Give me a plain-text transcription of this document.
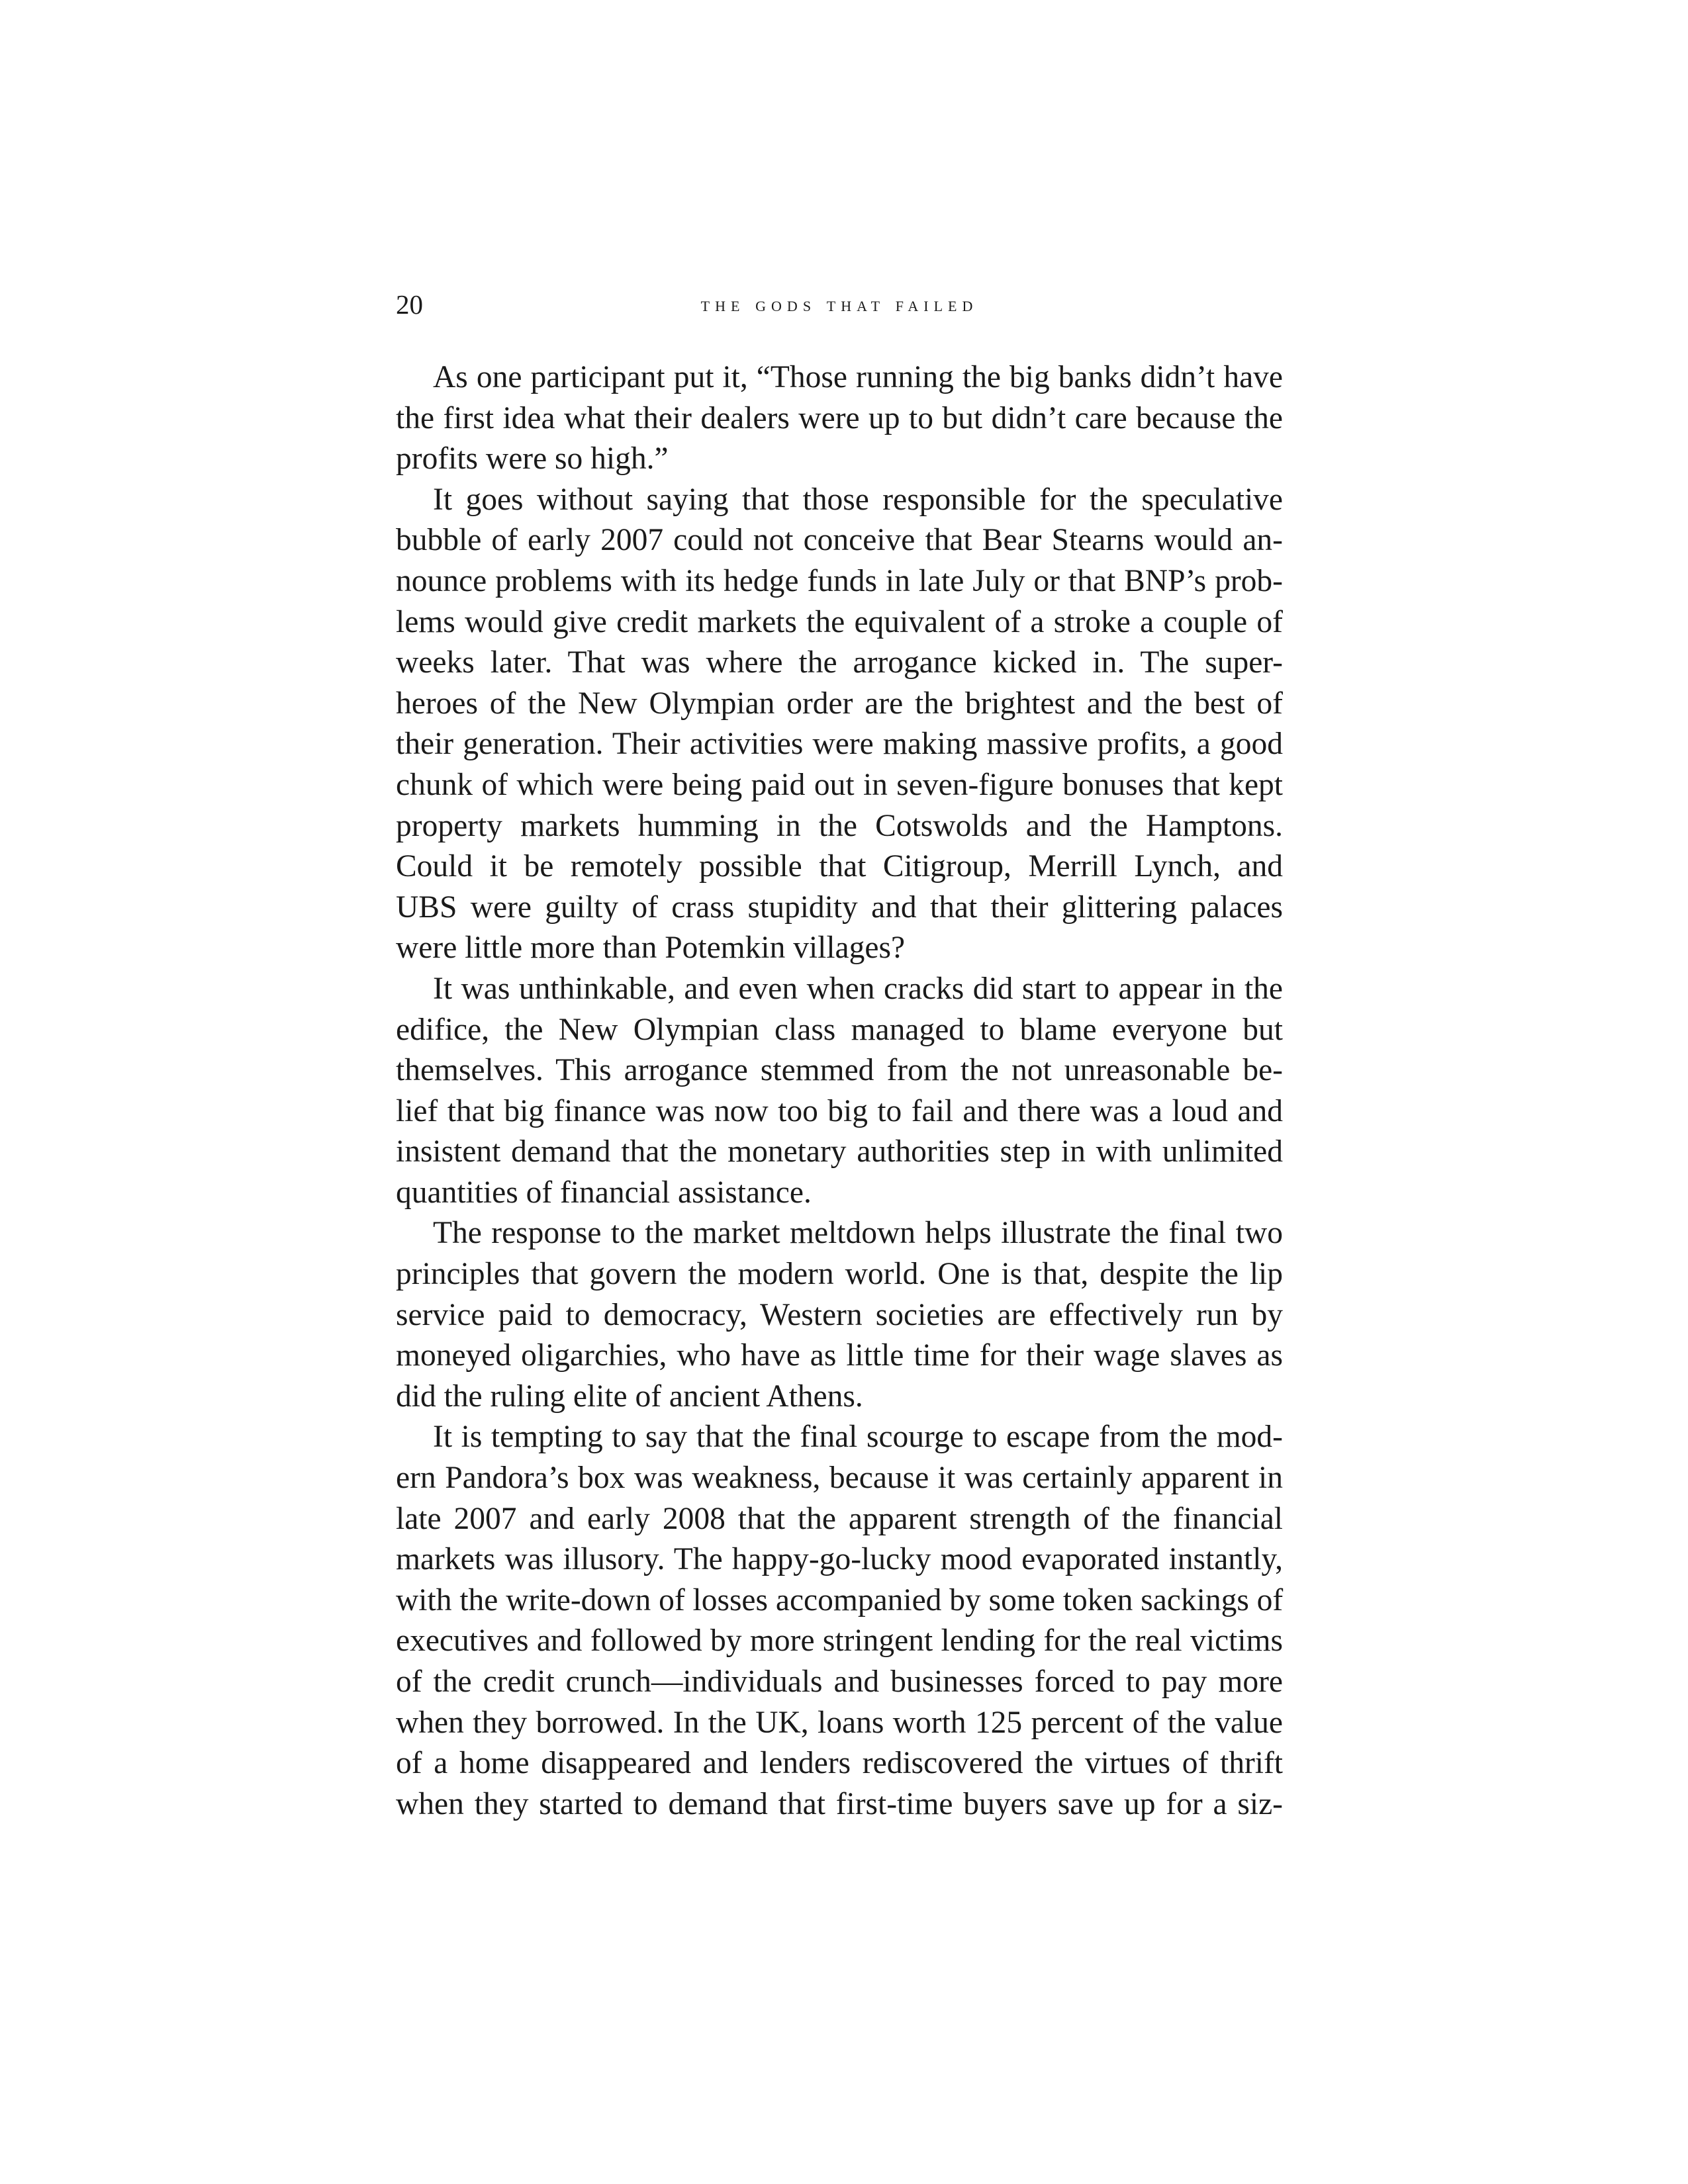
20	the gods that failed

As one participant put it, “Those running the big banks didn’t have
the first idea what their dealers were up to but didn’t care because the
profits were so high.”

It goes without saying that those responsible for the speculative
bubble of early 2007 could not conceive that Bear Stearns would an-
nounce problems with its hedge funds in late July or that BNP’s prob-
lems would give credit markets the equivalent of a stroke a couple of
weeks later. That was where the arrogance kicked in. The super-
heroes of the New Olympian order are the brightest and the best of
their generation. Their activities were making massive profits, a good
chunk of which were being paid out in seven-figure bonuses that kept
property markets humming in the Cotswolds and the Hamptons.
Could it be remotely possible that Citigroup, Merrill Lynch, and
UBS were guilty of crass stupidity and that their glittering palaces
were little more than Potemkin villages?

It was unthinkable, and even when cracks did start to appear in the
edifice, the New Olympian class managed to blame everyone but
themselves. This arrogance stemmed from the not unreasonable be-
lief that big finance was now too big to fail and there was a loud and
insistent demand that the monetary authorities step in with unlimited
quantities of financial assistance.

The response to the market meltdown helps illustrate the final two
principles that govern the modern world. One is that, despite the lip
service paid to democracy, Western societies are effectively run by
moneyed oligarchies, who have as little time for their wage slaves as
did the ruling elite of ancient Athens.

It is tempting to say that the final scourge to escape from the mod-
ern Pandora’s box was weakness, because it was certainly apparent in
late 2007 and early 2008 that the apparent strength of the financial
markets was illusory. The happy-go-lucky mood evaporated instantly,
with the write-down of losses accompanied by some token sackings of
executives and followed by more stringent lending for the real victims
of the credit crunch—individuals and businesses forced to pay more
when they borrowed. In the UK, loans worth 125 percent of the value
of a home disappeared and lenders rediscovered the virtues of thrift
when they started to demand that first-time buyers save up for a siz-
